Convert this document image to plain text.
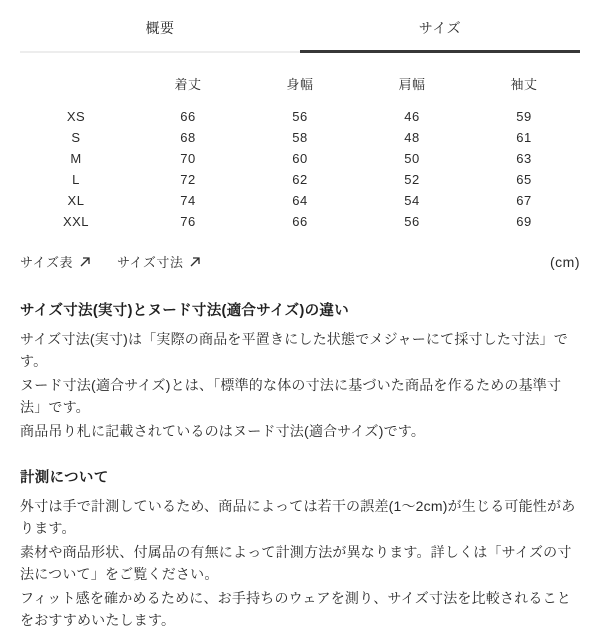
概要	サイズ
	着丈	身幅	肩幅	袖丈
XS	66	56	46	59
S	68	58	48	61
M	70	60	50	63
L	72	62	52	65
XL	74	64	54	67
XXL	76	66	56	69
サイズ表	サイズ寸法	(cm)
サイズ寸法(実寸)とヌード寸法(適合サイズ)の違い

サイズ寸法(実寸)は「実際の商品を平置きにした状態でメジャーにて採寸した寸法」です。

ヌード寸法(適合サイズ)とは、「標準的な体の寸法に基づいた商品を作るための基準寸法」です。

商品吊り札に記載されているのはヌード寸法(適合サイズ)です。

計測について

外寸は手で計測しているため、商品によっては若干の誤差(1〜2cm)が生じる可能性があります。

素材や商品形状、付属品の有無によって計測方法が異なります。詳しくは「サイズの寸法について」をご覧ください。

フィット感を確かめるために、お手持ちのウェアを測り、サイズ寸法を比較されることをおすすめいたします。
